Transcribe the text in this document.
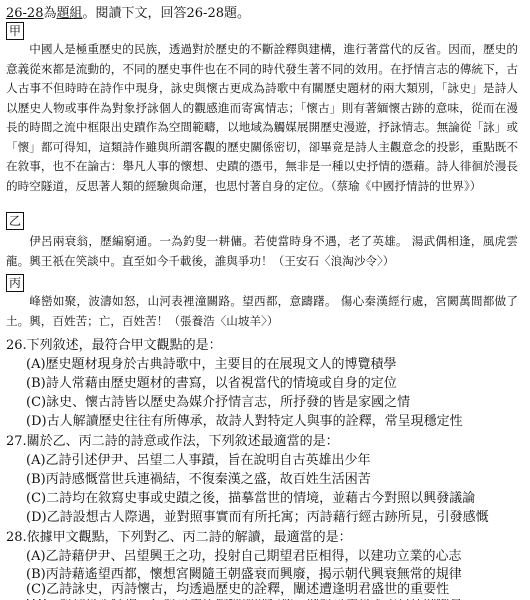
26-28為題組。閱讀下文，回答26-28題。
甲

中國人是極重歷史的民族，透過對於歷史的不斷詮釋與建構，進行著當代的反省。因而，歷史的意義從來都是流動的，不同的歷史事件也在不同的時代發生著不同的效用。在抒情言志的傳統下，古人古事不但時時在詩作中現身，詠史與懷古更成為詩歌中有關歷史題材的兩大類別，「詠史」是詩人以歷史人物或事件為對象抒詠個人的觀感進而寄寓情志；「懷古」則有著緬懷古跡的意味，從而在漫長的時間之流中框限出史蹟作為空間範疇，以地域為觸媒展開歷史漫遊，抒詠情志。無論從「詠」或「懷」都可得知，這類詩作雖與所謂客觀的歷史關係密切，卻畢竟是詩人主觀意念的投影，重點既不在敘事，也不在論古：舉凡人事的懷想、史蹟的憑弔，無非是一種以史抒情的憑藉。詩人徘徊於漫長的時空隧道，反思著人類的經驗與命運，也思忖著自身的定位。（蔡瑜《中國抒情詩的世界》）

乙

伊呂兩衰翁，歷編窮通。一為釣叟一耕傭。若使當時身不遇，老了英雄。 湯武偶相逢，風虎雲龍。興王祇在笑談中。直至如今千載後，誰與爭功！（王安石〈浪淘沙令〉）

丙

峰巒如聚，波濤如怒，山河表裡潼關路。望西都，意躊躇。 傷心秦漢經行處，宮闕萬間都做了土。興，百姓苦；亡，百姓苦！（張養浩〈山坡羊〉）

26.下列敘述，最符合甲文觀點的是：
(A)歷史題材現身於古典詩歌中，主要目的在展現文人的博覽積學
(B)詩人常藉由歷史題材的書寫，以省視當代的情境或自身的定位
(C)詠史、懷古詩皆以歷史為媒介抒情言志，所抒發的皆是家國之情
(D)古人解讀歷史往往有所傳承，故詩人對特定人與事的詮釋，常呈現穩定性
27.關於乙、丙二詩的詩意或作法，下列敘述最適當的是：
(A)乙詩引述伊尹、呂望二人事蹟，旨在說明自古英雄出少年
(B)丙詩感慨當世兵連禍結，不復秦漢之盛，故百姓生活困苦
(C)二詩均在敘寫史事或史蹟之後，描摹當世的情境，並藉古今對照以興發議論
(D)乙詩設想古人際遇，並對照事實而有所托寓；丙詩藉行經古跡所見，引發感慨
28.依據甲文觀點，下列對乙、丙二詩的解讀，最適當的是：
(A)乙詩藉伊尹、呂望興王之功，投射自己期望君臣相得，以建功立業的心志
(B)丙詩藉遙望西都，懷想宮闕隨王朝盛衰而興廢，揭示朝代興衰無常的規律
(C)乙詩詠史，丙詩懷古，均透過歷史的詮釋，闡述遭逢明君盛世的重要性
